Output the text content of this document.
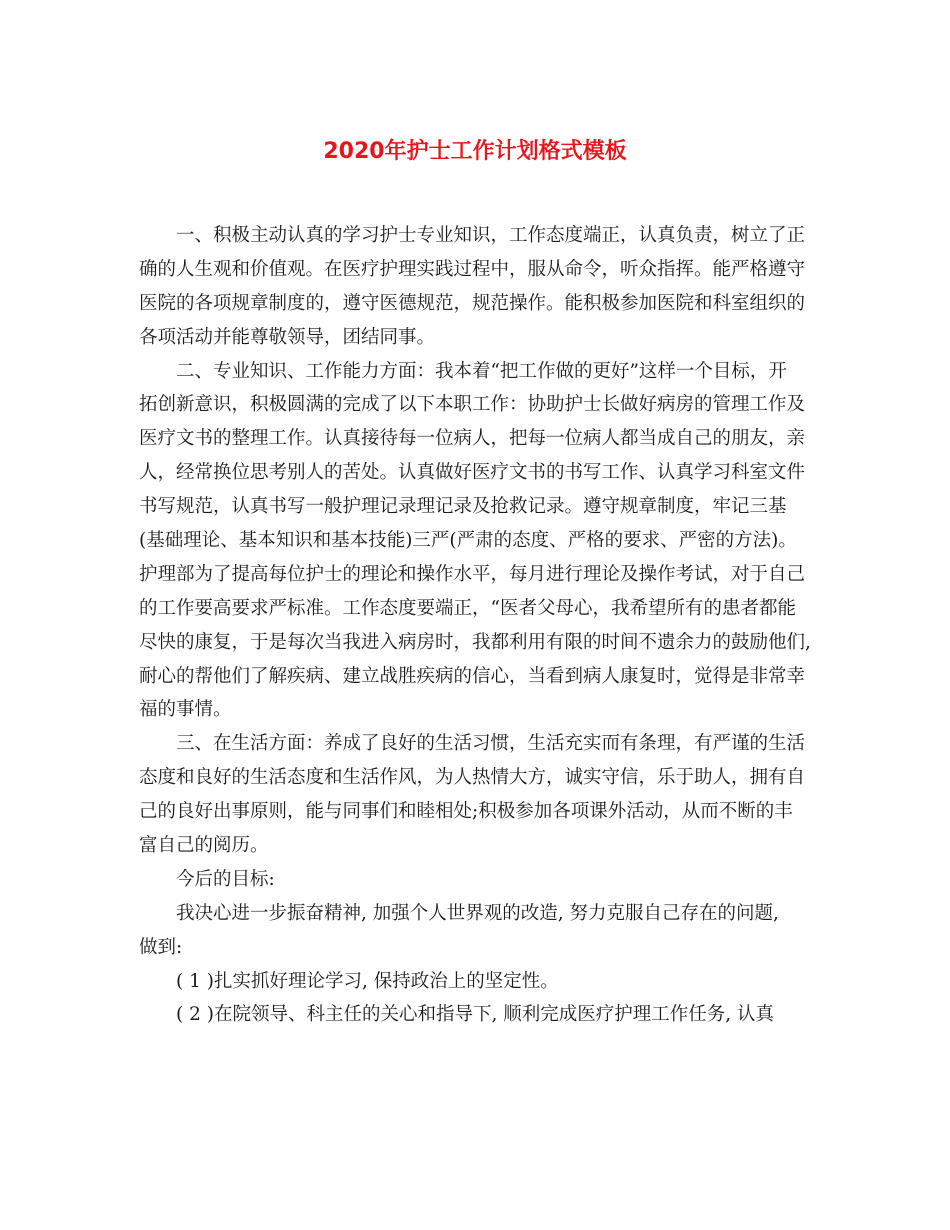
2020年护士工作计划格式模板
一、积极主动认真的学习护士专业知识，工作态度端正，认真负责，树立了正
确的人生观和价值观。在医疗护理实践过程中，服从命令，听众指挥。能严格遵守
医院的各项规章制度的，遵守医德规范，规范操作。能积极参加医院和科室组织的
各项活动并能尊敬领导，团结同事。
二、专业知识、工作能力方面：我本着“把工作做的更好”这样一个目标，开
拓创新意识，积极圆满的完成了以下本职工作：协助护士长做好病房的管理工作及
医疗文书的整理工作。认真接待每一位病人，把每一位病人都当成自己的朋友，亲
人，经常换位思考别人的苦处。认真做好医疗文书的书写工作、认真学习科室文件
书写规范，认真书写一般护理记录理记录及抢救记录。遵守规章制度，牢记三基
(基础理论、基本知识和基本技能)三严(严肃的态度、严格的要求、严密的方法)。
护理部为了提高每位护士的理论和操作水平，每月进行理论及操作考试，对于自己
的工作要高要求严标准。工作态度要端正，“医者父母心，我希望所有的患者都能
尽快的康复，于是每次当我进入病房时，我都利用有限的时间不遗余力的鼓励他们,
耐心的帮他们了解疾病、建立战胜疾病的信心，当看到病人康复时，觉得是非常幸
福的事情。
三、在生活方面：养成了良好的生活习惯，生活充实而有条理，有严谨的生活
态度和良好的生活态度和生活作风，为人热情大方，诚实守信，乐于助人，拥有自
己的良好出事原则，能与同事们和睦相处;积极参加各项课外活动，从而不断的丰
富自己的阅历。
今后的目标:
我决心进一步振奋精神, 加强个人世界观的改造, 努力克服自己存在的问题,
做到:
( 1 )扎实抓好理论学习, 保持政治上的坚定性。
( 2 )在院领导、科主任的关心和指导下, 顺利完成医疗护理工作任务, 认真
